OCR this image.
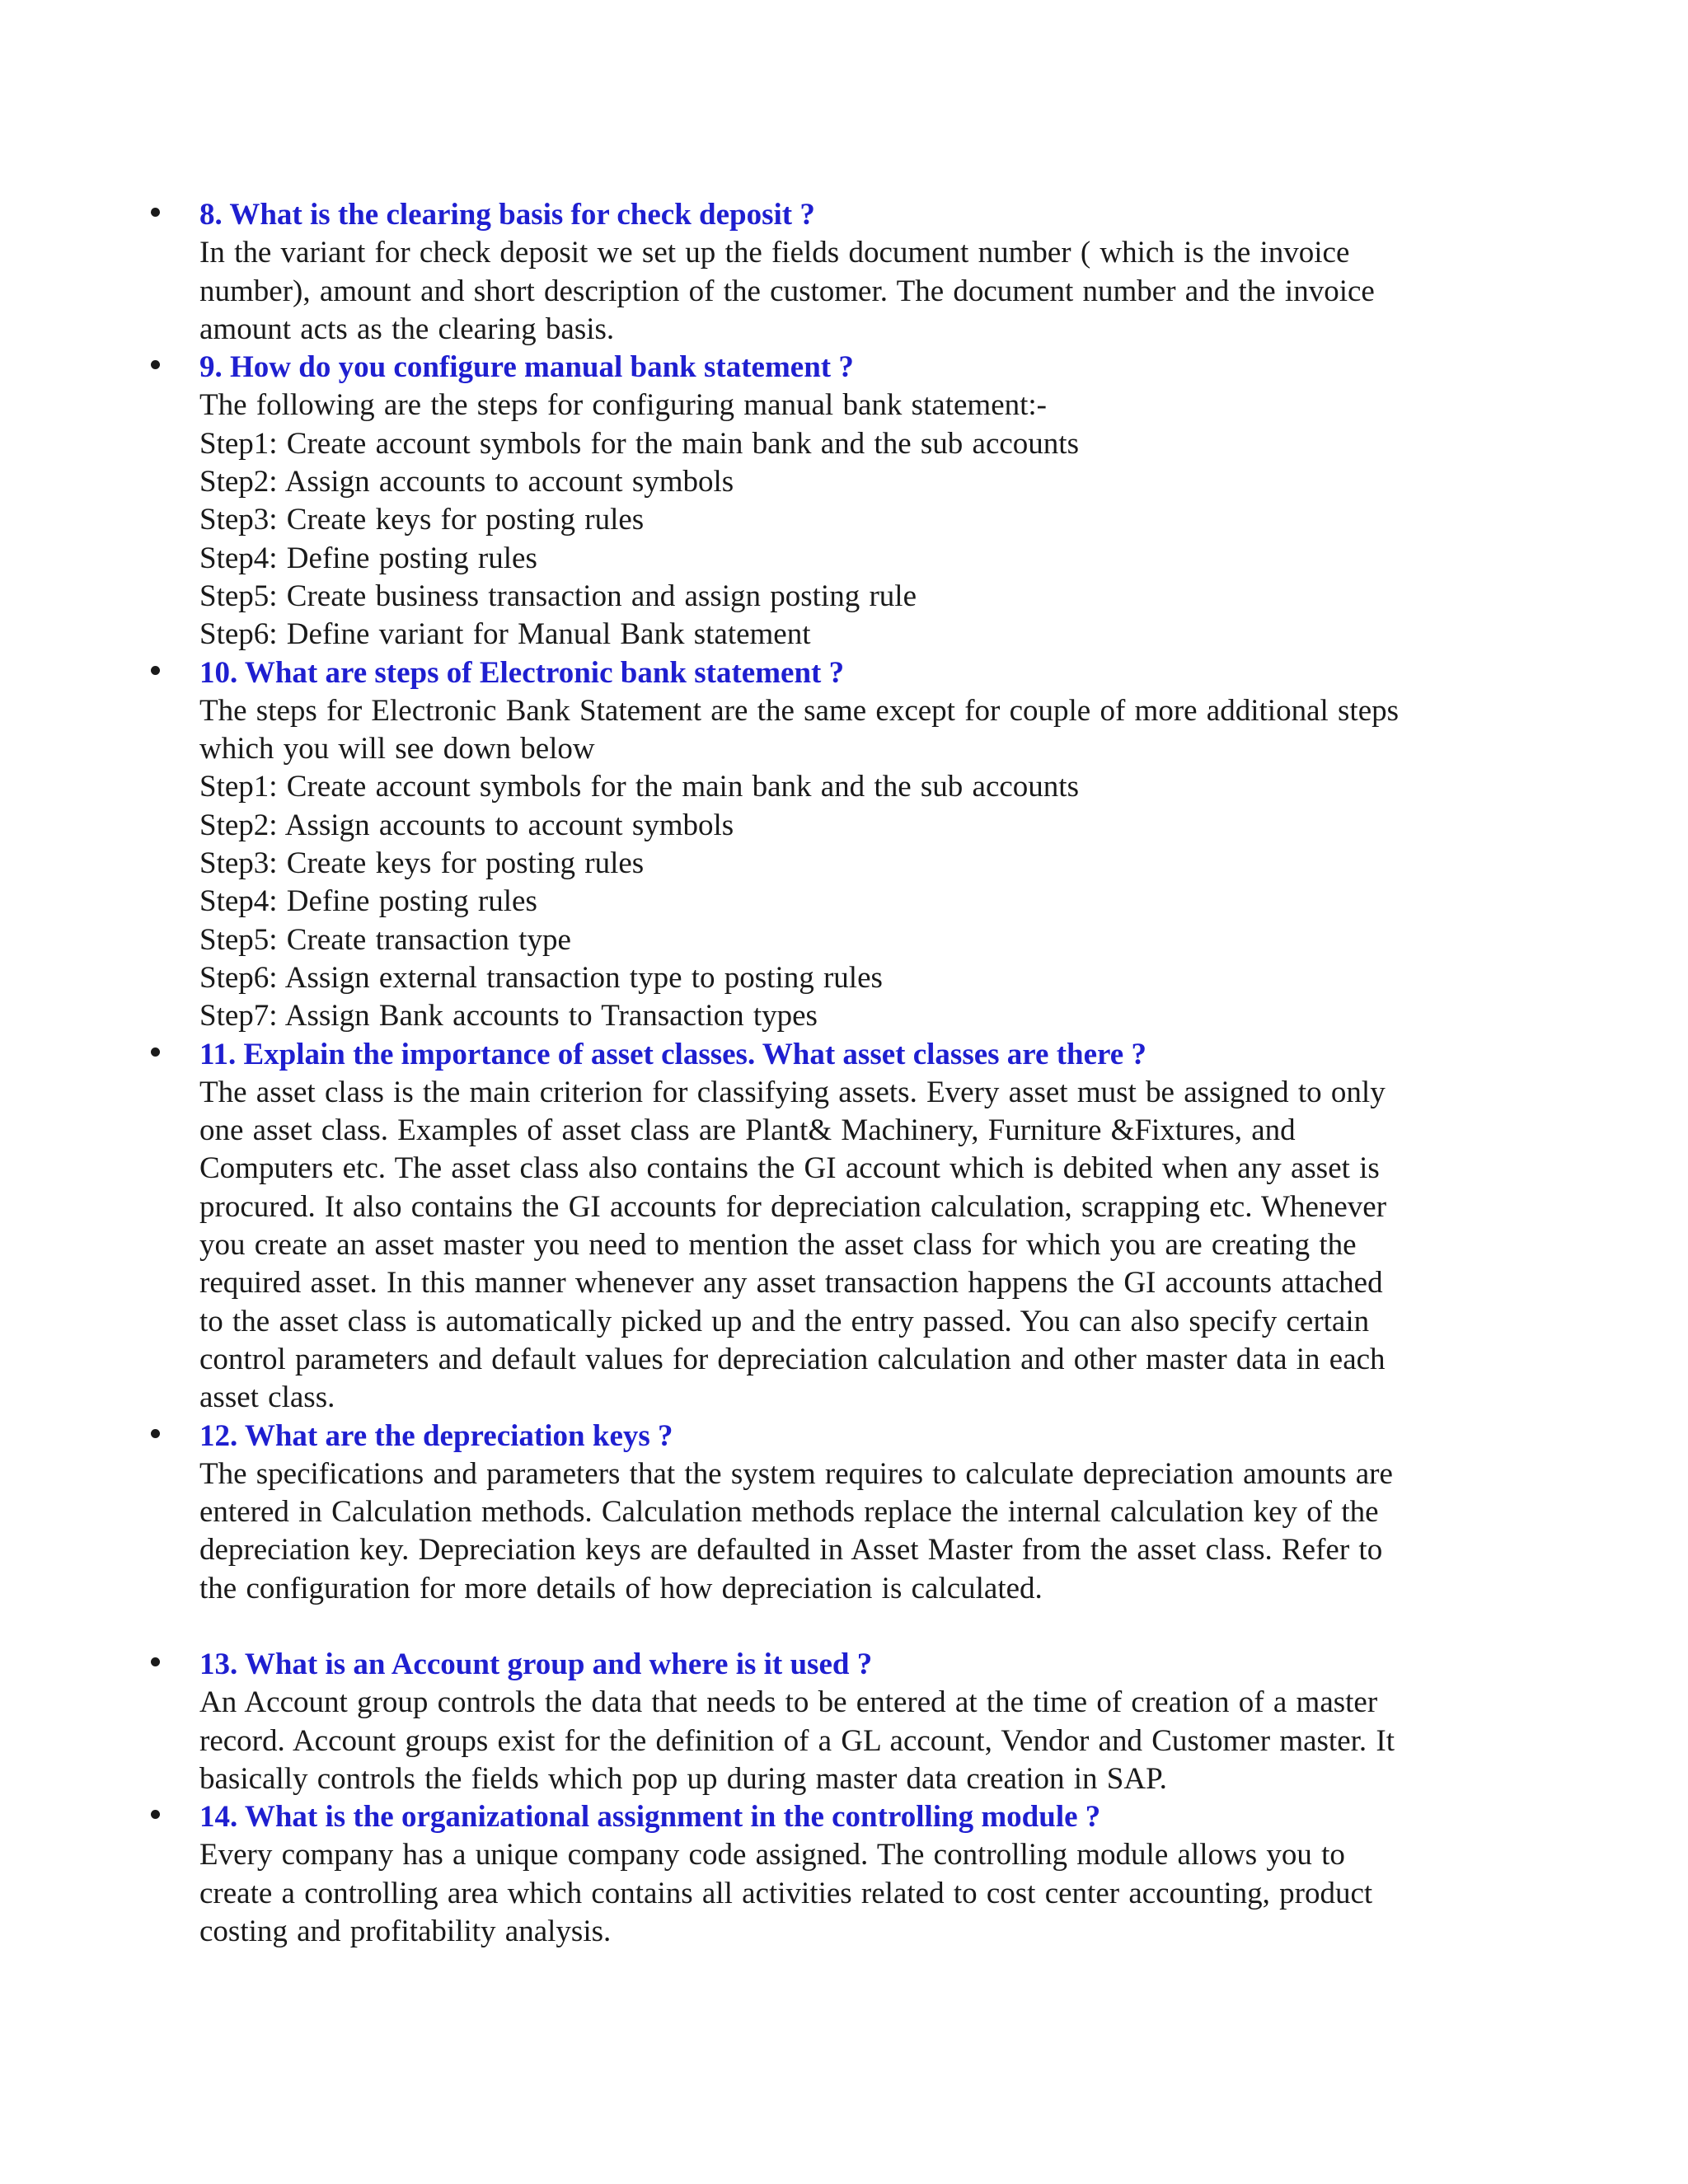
8. What is the clearing basis for check deposit ?
In the variant for check deposit we set up the fields document number ( which is the invoice
number), amount and short description of the customer. The document number and the invoice
amount acts as the clearing basis.
9. How do you configure manual bank statement ?
The following are the steps for configuring manual bank statement:-
Step1: Create account symbols for the main bank and the sub accounts
Step2: Assign accounts to account symbols
Step3: Create keys for posting rules
Step4: Define posting rules
Step5: Create business transaction and assign posting rule
Step6: Define variant for Manual Bank statement
10. What are steps of Electronic bank statement ?
The steps for Electronic Bank Statement are the same except for couple of more additional steps
which you will see down below
Step1: Create account symbols for the main bank and the sub accounts
Step2: Assign accounts to account symbols
Step3: Create keys for posting rules
Step4: Define posting rules
Step5: Create transaction type
Step6: Assign external transaction type to posting rules
Step7: Assign Bank accounts to Transaction types
11. Explain the importance of asset classes. What asset classes are there ?
The asset class is the main criterion for classifying assets. Every asset must be assigned to only
one asset class. Examples of asset class are Plant& Machinery, Furniture &Fixtures, and
Computers etc. The asset class also contains the GI account which is debited when any asset is
procured. It also contains the GI accounts for depreciation calculation, scrapping etc. Whenever
you create an asset master you need to mention the asset class for which you are creating the
required asset. In this manner whenever any asset transaction happens the GI accounts attached
to the asset class is automatically picked up and the entry passed. You can also specify certain
control parameters and default values for depreciation calculation and other master data in each
asset class.
12. What are the depreciation keys ?
The specifications and parameters that the system requires to calculate depreciation amounts are
entered in Calculation methods. Calculation methods replace the internal calculation key of the
depreciation key. Depreciation keys are defaulted in Asset Master from the asset class. Refer to
the configuration for more details of how depreciation is calculated.
13. What is an Account group and where is it used ?
An Account group controls the data that needs to be entered at the time of creation of a master
record. Account groups exist for the definition of a GL account, Vendor and Customer master. It
basically controls the fields which pop up during master data creation in SAP.
14. What is the organizational assignment in the controlling module ?
Every company has a unique company code assigned. The controlling module allows you to
create a controlling area which contains all activities related to cost center accounting, product
costing and profitability analysis.
